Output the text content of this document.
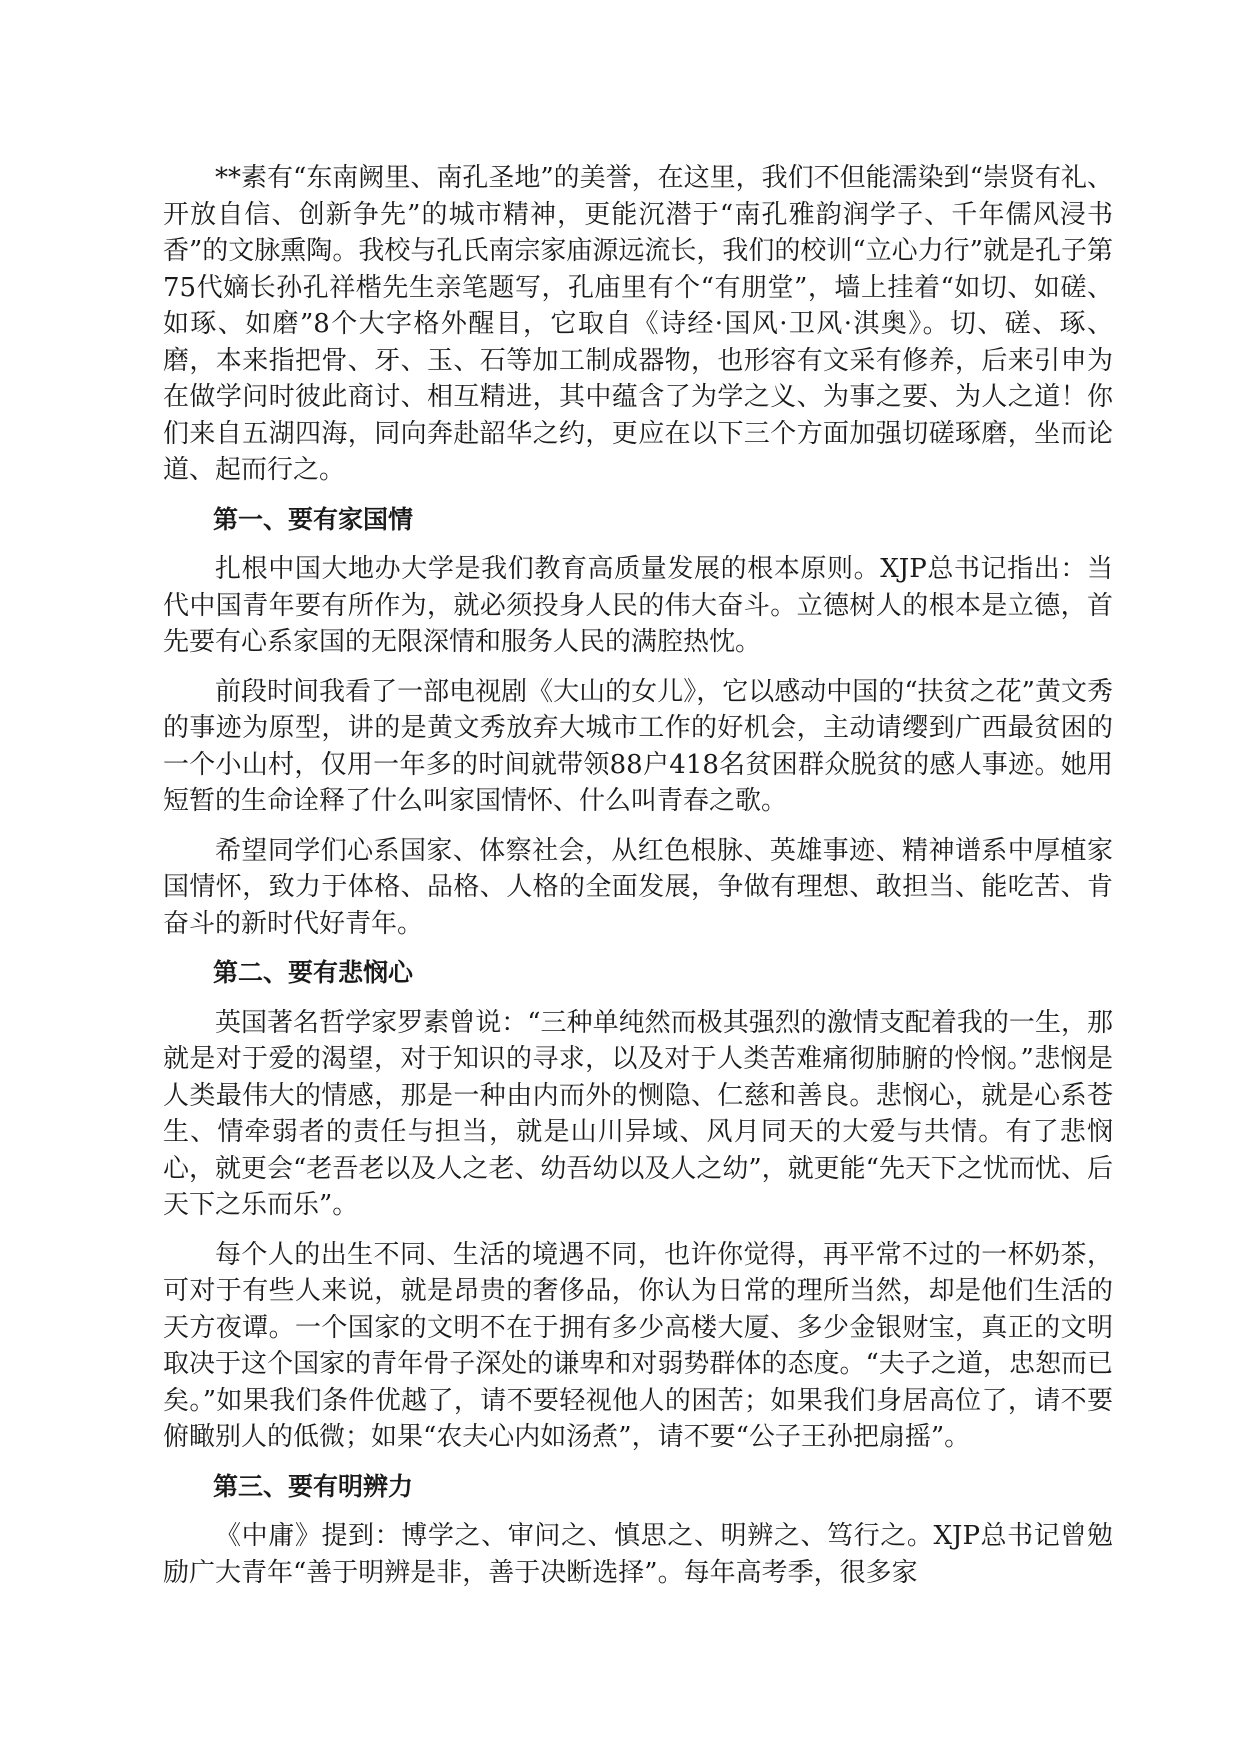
**素有“东南阙里、南孔圣地”的美誉，在这里，我们不但能濡染到“崇贤有礼、开放自信、创新争先”的城市精神，更能沉潜于“南孔雅韵润学子、千年儒风浸书香”的文脉熏陶。我校与孔氏南宗家庙源远流长，我们的校训“立心力行”就是孔子第75代嫡长孙孔祥楷先生亲笔题写，孔庙里有个“有朋堂”，墙上挂着“如切、如磋、如琢、如磨”8个大字格外醒目，它取自《诗经·国风·卫风·淇奥》。切、磋、琢、磨，本来指把骨、牙、玉、石等加工制成器物，也形容有文采有修养，后来引申为在做学问时彼此商讨、相互精进，其中蕴含了为学之义、为事之要、为人之道！你们来自五湖四海，同向奔赴韶华之约，更应在以下三个方面加强切磋琢磨，坐而论道、起而行之。

第一、要有家国情

扎根中国大地办大学是我们教育高质量发展的根本原则。XJP总书记指出：当代中国青年要有所作为，就必须投身人民的伟大奋斗。立德树人的根本是立德，首先要有心系家国的无限深情和服务人民的满腔热忱。

前段时间我看了一部电视剧《大山的女儿》，它以感动中国的“扶贫之花”黄文秀的事迹为原型，讲的是黄文秀放弃大城市工作的好机会，主动请缨到广西最贫困的一个小山村，仅用一年多的时间就带领88户418名贫困群众脱贫的感人事迹。她用短暂的生命诠释了什么叫家国情怀、什么叫青春之歌。

希望同学们心系国家、体察社会，从红色根脉、英雄事迹、精神谱系中厚植家国情怀，致力于体格、品格、人格的全面发展，争做有理想、敢担当、能吃苦、肯奋斗的新时代好青年。

第二、要有悲悯心

英国著名哲学家罗素曾说：“三种单纯然而极其强烈的激情支配着我的一生，那就是对于爱的渴望，对于知识的寻求，以及对于人类苦难痛彻肺腑的怜悯。”悲悯是人类最伟大的情感，那是一种由内而外的恻隐、仁慈和善良。悲悯心，就是心系苍生、情牵弱者的责任与担当，就是山川异域、风月同天的大爱与共情。有了悲悯心，就更会“老吾老以及人之老、幼吾幼以及人之幼”，就更能“先天下之忧而忧、后天下之乐而乐”。

每个人的出生不同、生活的境遇不同，也许你觉得，再平常不过的一杯奶茶，可对于有些人来说，就是昂贵的奢侈品，你认为日常的理所当然，却是他们生活的天方夜谭。一个国家的文明不在于拥有多少高楼大厦、多少金银财宝，真正的文明取决于这个国家的青年骨子深处的谦卑和对弱势群体的态度。“夫子之道，忠恕而已矣。”如果我们条件优越了，请不要轻视他人的困苦；如果我们身居高位了，请不要俯瞰别人的低微；如果“农夫心内如汤煮”，请不要“公子王孙把扇摇”。

第三、要有明辨力

《中庸》提到：博学之、审问之、慎思之、明辨之、笃行之。XJP总书记曾勉励广大青年“善于明辨是非，善于决断选择”。每年高考季，很多家
